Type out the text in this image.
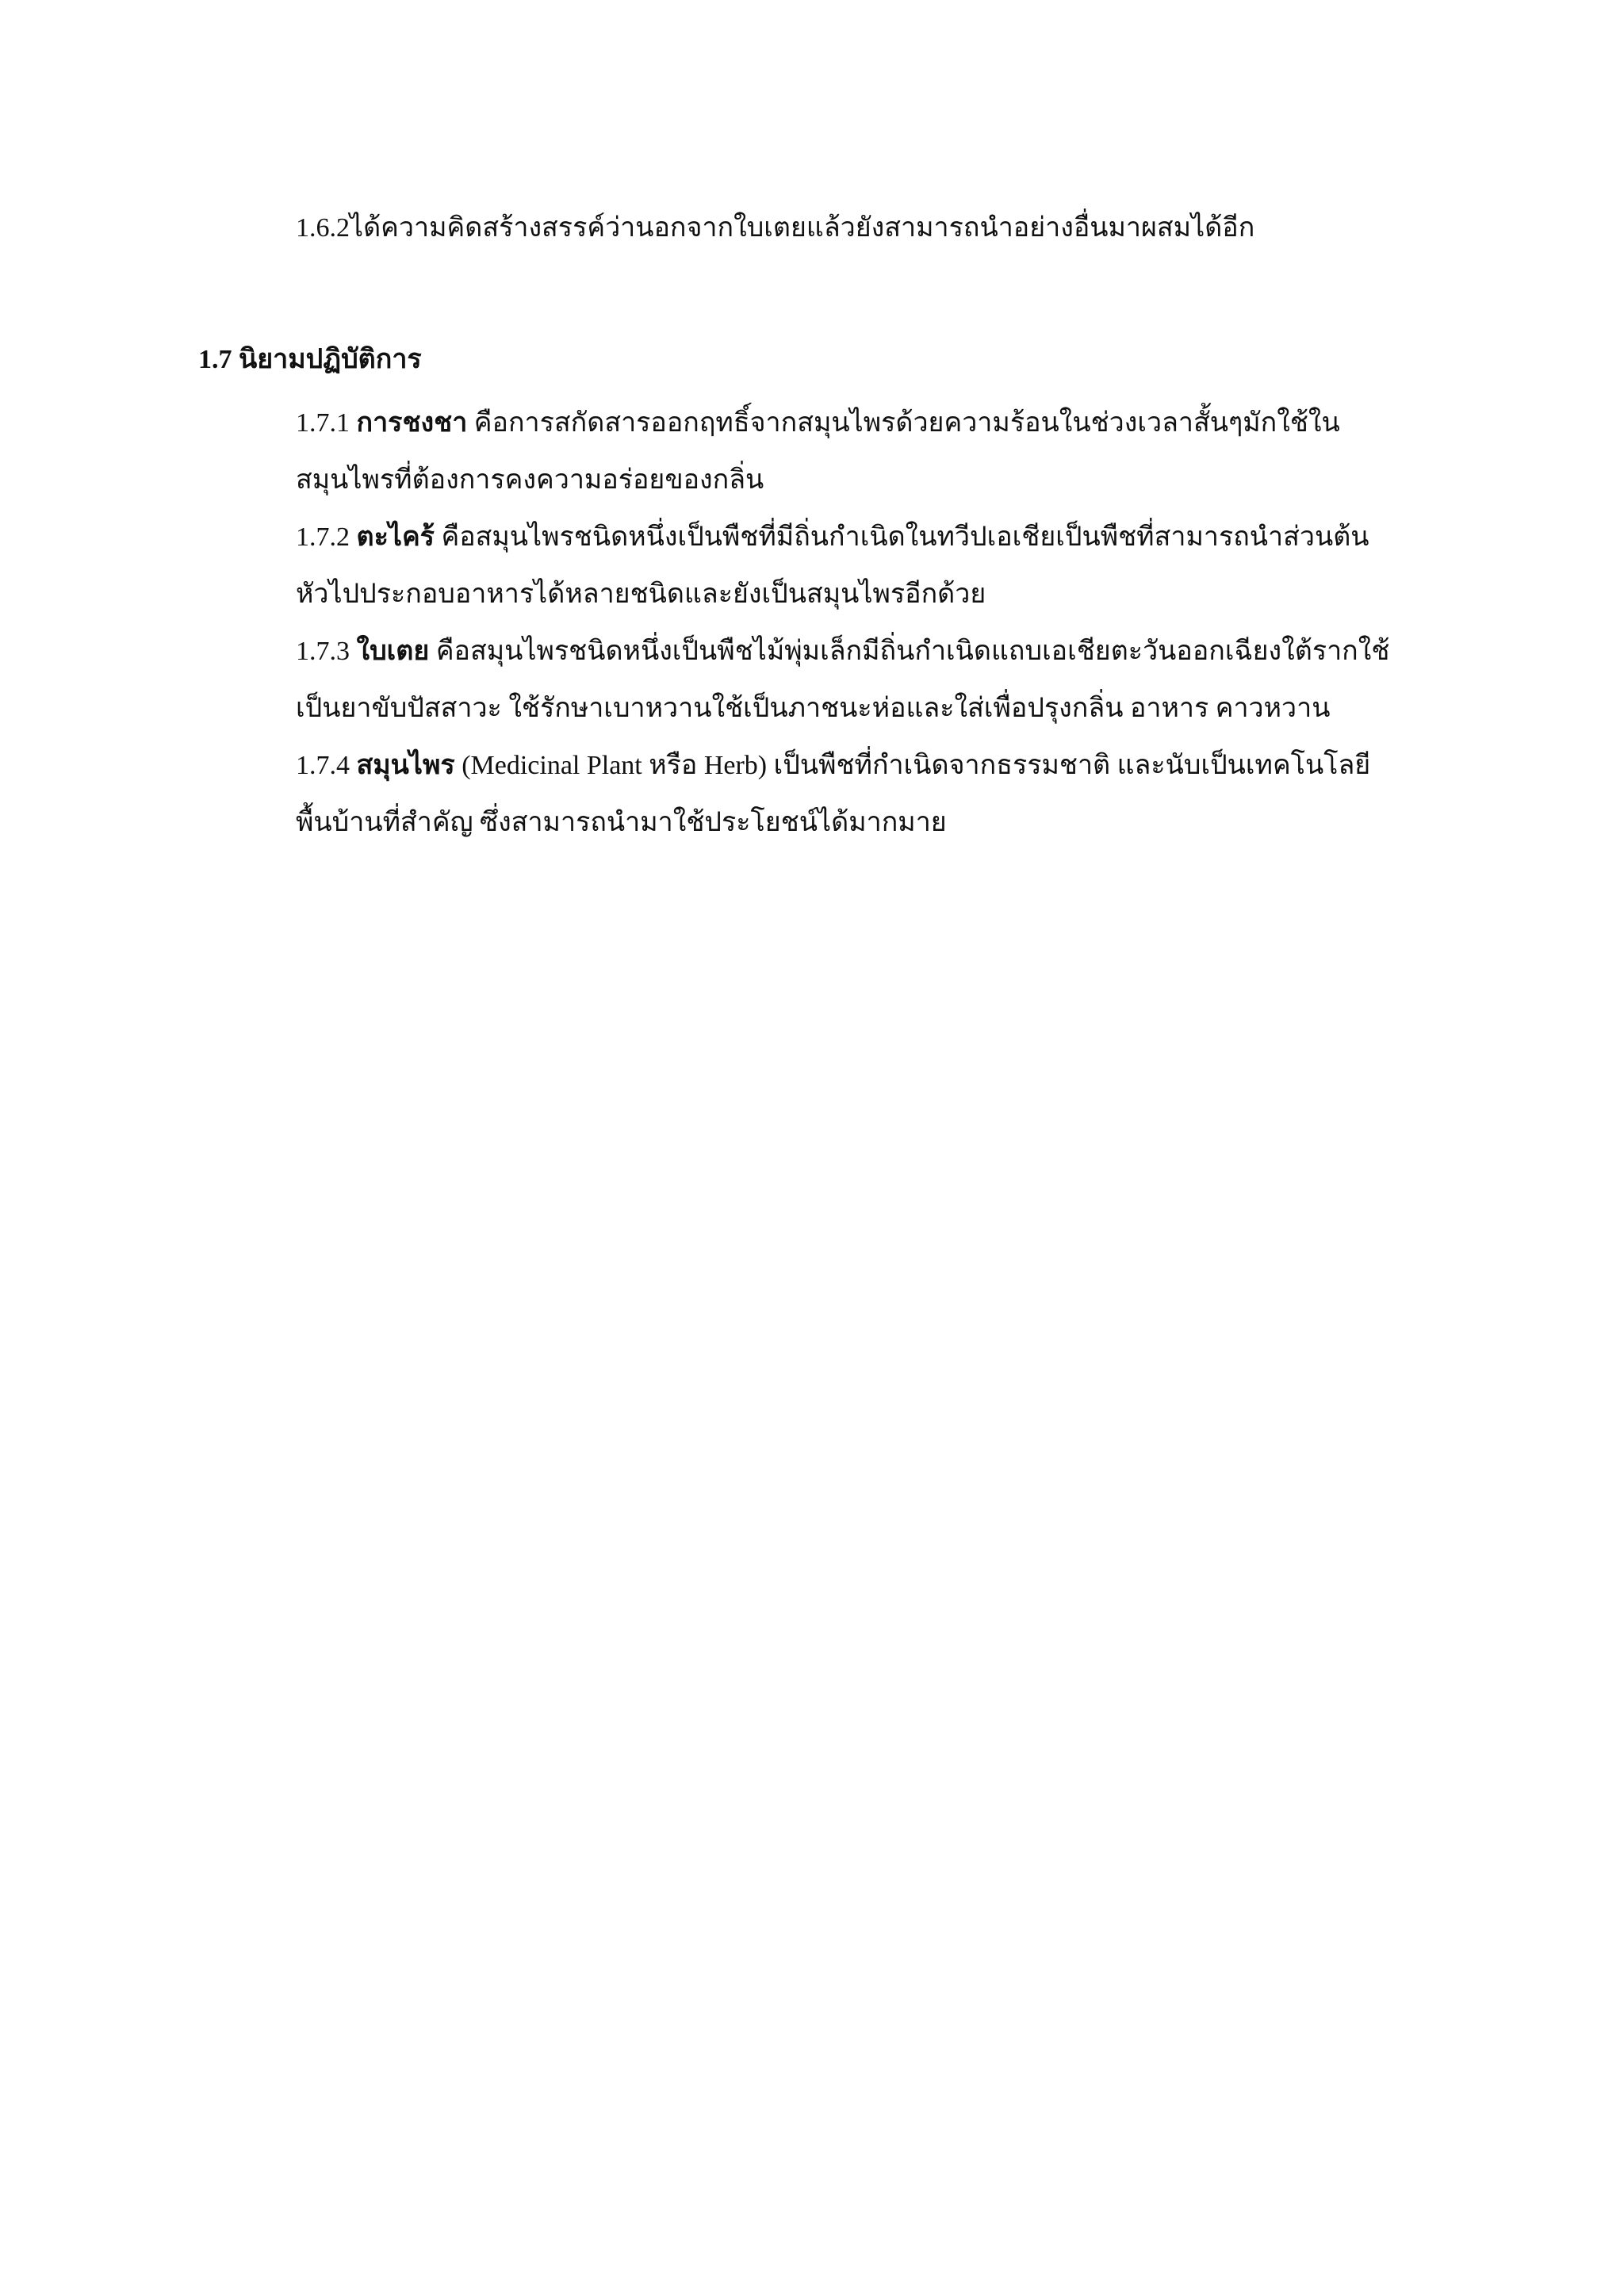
1.6.2ได้ความคิดสร้างสรรค์ว่านอกจากใบเตยแล้วยังสามารถนำอย่างอื่นมาผสมได้อีก
1.7 นิยามปฏิบัติการ
1.7.1 การชงชา คือการสกัดสารออกฤทธิ์จากสมุนไพรด้วยความร้อนในช่วงเวลาสั้นๆมักใช้ใน
สมุนไพรที่ต้องการคงความอร่อยของกลิ่น
1.7.2 ตะไคร้ คือสมุนไพรชนิดหนึ่งเป็นพืชที่มีถิ่นกำเนิดในทวีปเอเชียเป็นพืชที่สามารถนำส่วนต้น
หัวไปประกอบอาหารได้หลายชนิดและยังเป็นสมุนไพรอีกด้วย
1.7.3 ใบเตย คือสมุนไพรชนิดหนึ่งเป็นพืชไม้พุ่มเล็กมีถิ่นกำเนิดแถบเอเชียตะวันออกเฉียงใต้รากใช้
เป็นยาขับปัสสาวะ ใช้รักษาเบาหวานใช้เป็นภาชนะห่อและใส่เพื่อปรุงกลิ่น อาหาร คาวหวาน
1.7.4 สมุนไพร (Medicinal Plant หรือ Herb) เป็นพืชที่กำเนิดจากธรรมชาติ และนับเป็นเทคโนโลยี
พื้นบ้านที่สำคัญ ซึ่งสามารถนำมาใช้ประโยชน์ได้มากมาย
